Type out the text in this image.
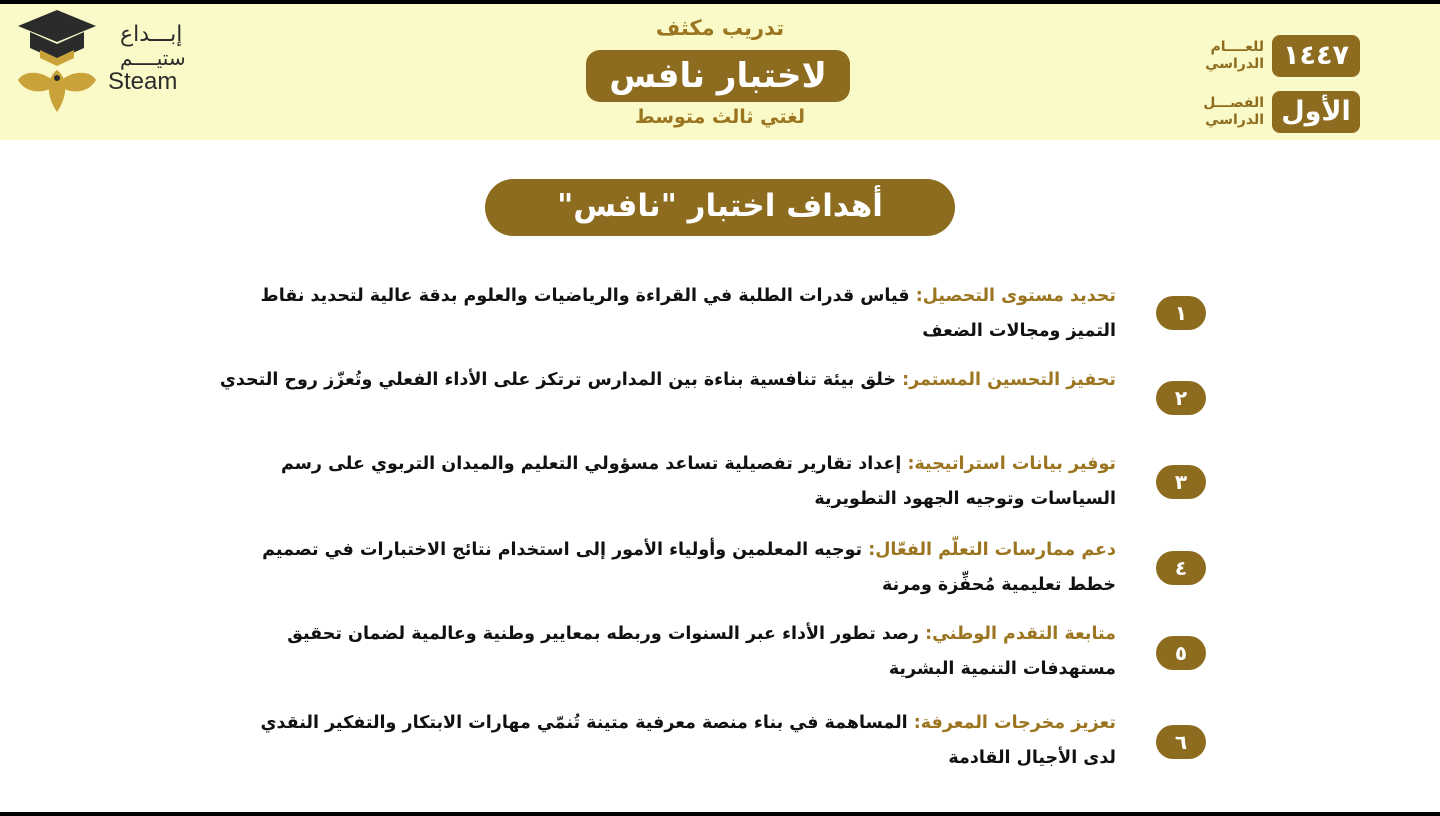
إبـــداع
ستيــــم
Steam
تدريب مكثف
لاختبار نافس
لغتي ثالث متوسط
١٤٤٧
للعــــام
الدراسي
الأول
الفصـــل
الدراسي
أهداف اختبار "نافس"
١
تحديد مستوى التحصيل: قياس قدرات الطلبة في القراءة والرياضيات والعلوم بدقة عالية لتحديد نقاط
التميز ومجالات الضعف
٢
تحفيز التحسين المستمر: خلق بيئة تنافسية بناءة بين المدارس ترتكز على الأداء الفعلي وتُعزّز روح التحدي
٣
توفير بيانات استراتيجية: إعداد تقارير تفصيلية تساعد مسؤولي التعليم والميدان التربوي على رسم
السياسات وتوجيه الجهود التطويرية
٤
دعم ممارسات التعلّم الفعّال: توجيه المعلمين وأولياء الأمور إلى استخدام نتائج الاختبارات في تصميم
خطط تعليمية مُحفِّزة ومرنة
٥
متابعة التقدم الوطني: رصد تطور الأداء عبر السنوات وربطه بمعايير وطنية وعالمية لضمان تحقيق
مستهدفات التنمية البشرية
٦
تعزيز مخرجات المعرفة: المساهمة في بناء منصة معرفية متينة تُنمّي مهارات الابتكار والتفكير النقدي
لدى الأجيال القادمة
